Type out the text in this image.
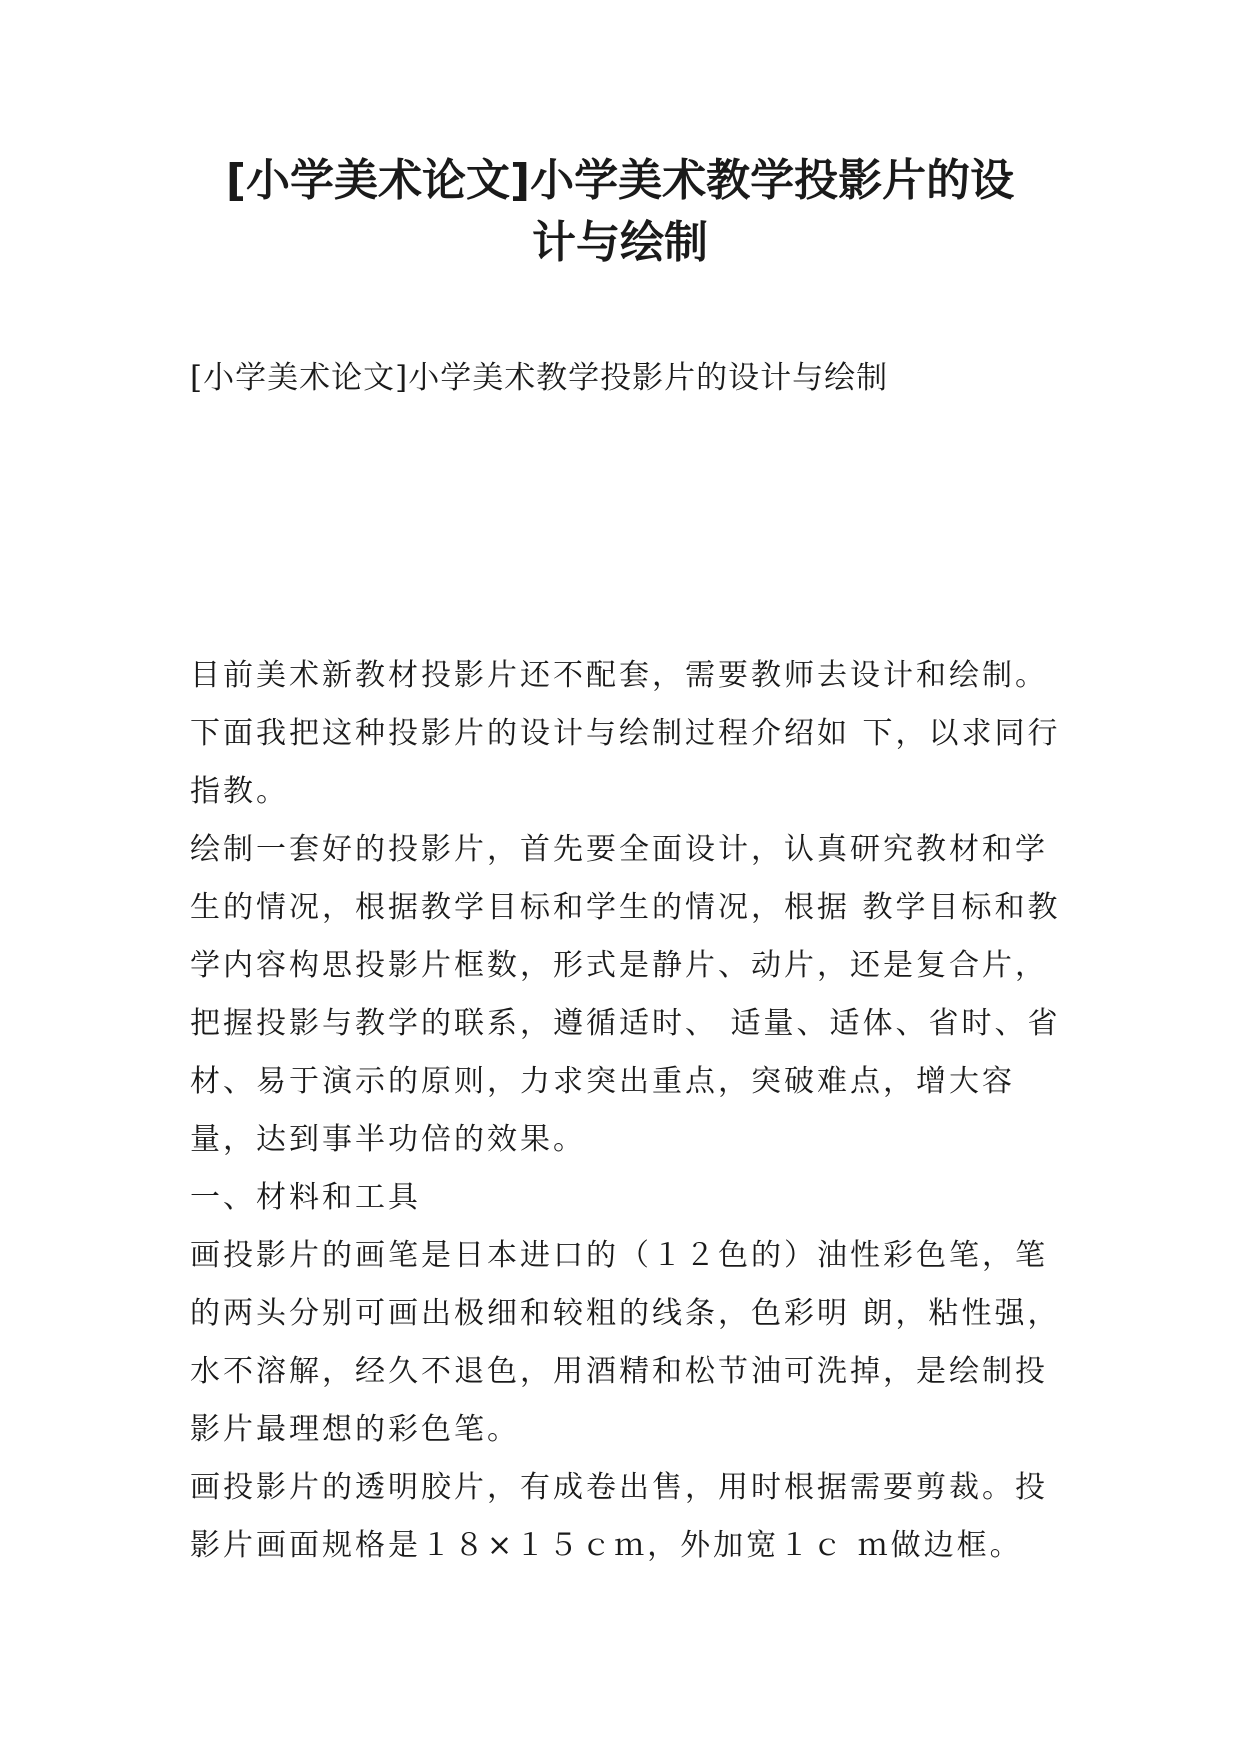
[小学美术论文]小学美术教学投影片的设
计与绘制
[小学美术论文]小学美术教学投影片的设计与绘制

目前美术新教材投影片还不配套，需要教师去设计和绘制。下面我把这种投影片的设计与绘制过程介绍如 下，以求同行指教。

绘制一套好的投影片，首先要全面设计，认真研究教材和学生的情况，根据教学目标和学生的情况，根据 教学目标和教学内容构思投影片框数，形式是静片、动片，还是复合片，把握投影与教学的联系，遵循适时、 适量、适体、省时、省材、易于演示的原则，力求突出重点，突破难点，增大容量，达到事半功倍的效果。

一、材料和工具

画投影片的画笔是日本进口的（１２色的）油性彩色笔，笔的两头分别可画出极细和较粗的线条，色彩明 朗，粘性强，水不溶解，经久不退色，用酒精和松节油可洗掉，是绘制投影片最理想的彩色笔。

画投影片的透明胶片，有成卷出售，用时根据需要剪裁。投影片画面规格是１８×１５ｃｍ，外加宽１ｃ ｍ做边框。
